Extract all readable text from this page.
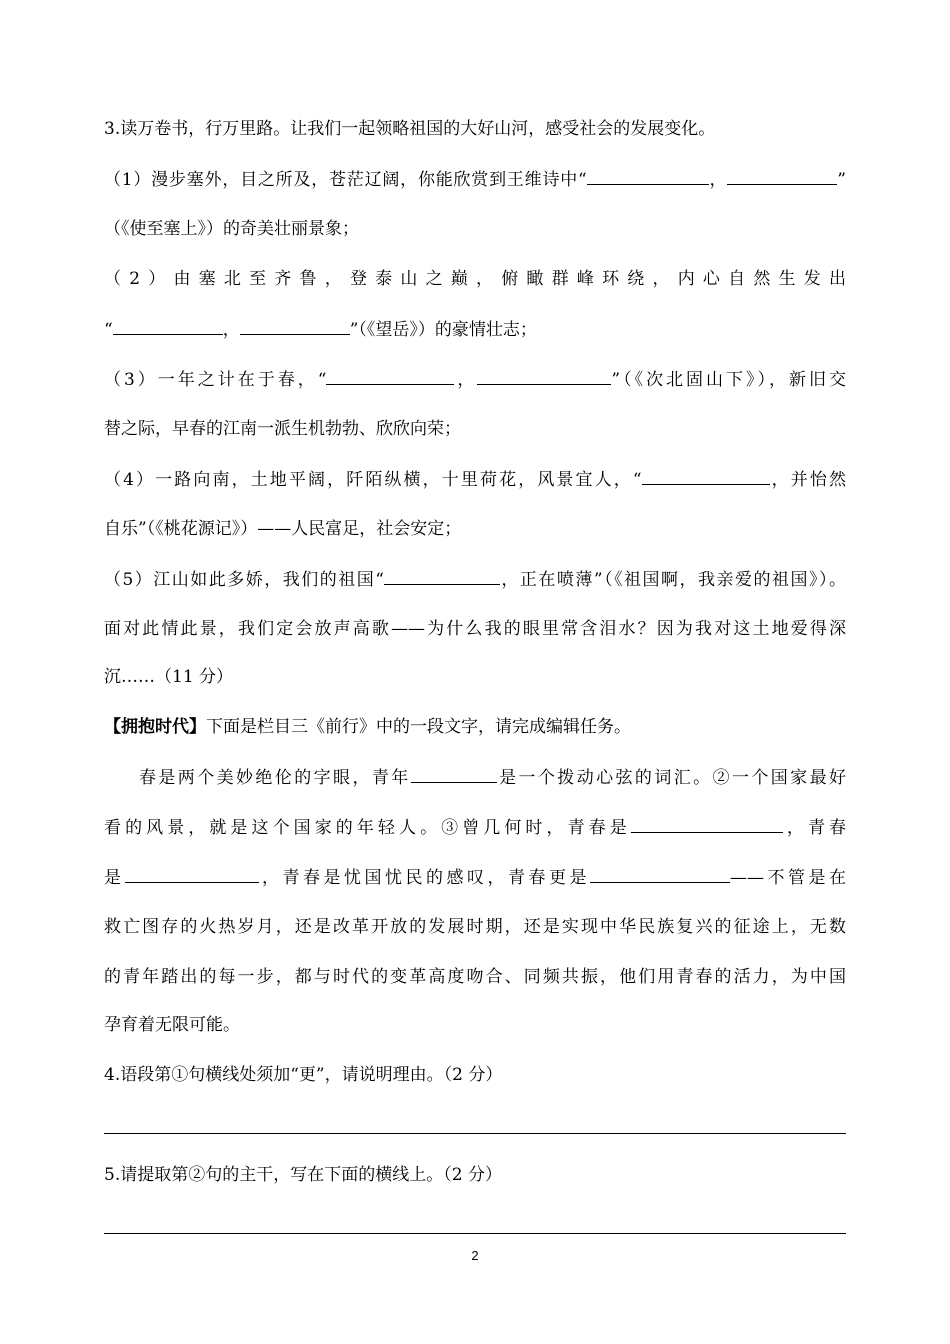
3.读万卷书，行万里路。让我们一起领略祖国的大好山河，感受社会的发展变化。
（1）漫步塞外，目之所及，苍茫辽阔，你能欣赏到王维诗中“	，	”
（《使至塞上》）的奇美壮丽景象；
（2）由塞北至齐鲁，登泰山之巅，俯瞰群峰环绕，内心自然生发出
“	，	”（《望岳》）的豪情壮志；
（3）一年之计在于春，“	，	”（《次北固山下》），新旧交
替之际，早春的江南一派生机勃勃、欣欣向荣；
（4）一路向南，土地平阔，阡陌纵横，十里荷花，风景宜人，“	，并怡然
自乐”（《桃花源记》）——人民富足，社会安定；
（5）江山如此多娇，我们的祖国“	，正在喷薄”（《祖国啊，我亲爱的祖国》）。
面对此情此景，我们定会放声高歌——为什么我的眼里常含泪水？因为我对这土地爱得深
沉……（11 分）
【拥抱时代】下面是栏目三《前行》中的一段文字，请完成编辑任务。
春是两个美妙绝伦的字眼，青年	是一个拨动心弦的词汇。②一个国家最好
看的风景，就是这个国家的年轻人。③曾几何时，青春是	，青春
是	，青春是忧国忧民的感叹，青春更是	——不管是在
救亡图存的火热岁月，还是改革开放的发展时期，还是实现中华民族复兴的征途上，无数
的青年踏出的每一步，都与时代的变革高度吻合、同频共振，他们用青春的活力，为中国
孕育着无限可能。
4.语段第①句横线处须加“更”，请说明理由。（2 分）
5.请提取第②句的主干，写在下面的横线上。（2 分）
2
